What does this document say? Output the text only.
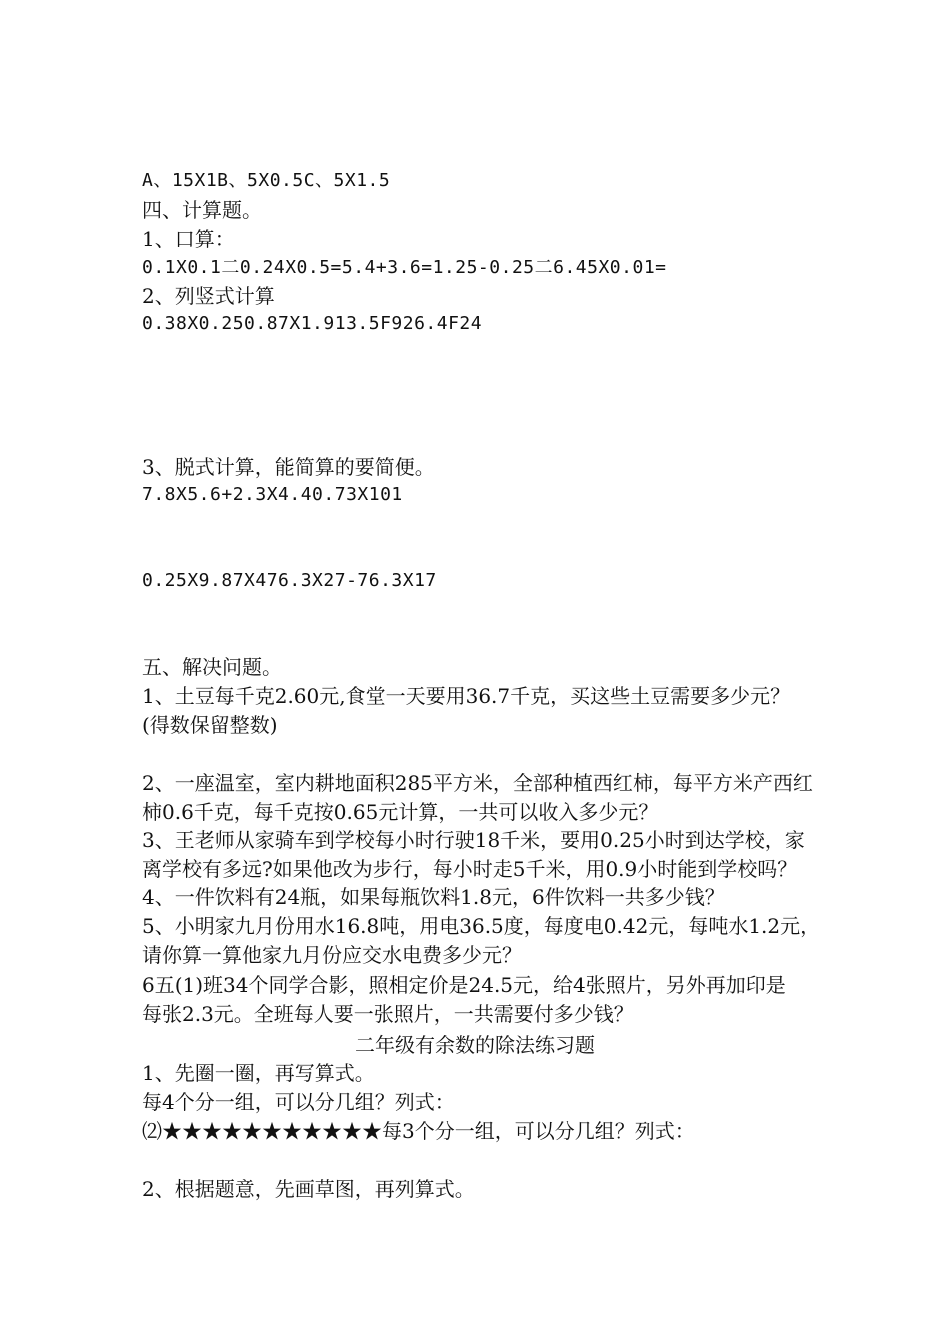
A、15X1B、5X0.5C、5X1.5
四、计算题。
1、口算：
0.1X0.1二0.24X0.5=5.4+3.6=1.25-0.25二6.45X0.01=
2、列竖式计算
0.38X0.250.87X1.913.5F926.4F24
3、脱式计算，能简算的要简便。
7.8X5.6+2.3X4.40.73X101
0.25X9.87X476.3X27-76.3X17
五、解决问题。
1、土豆每千克2.60元,食堂一天要用36.7千克，买这些土豆需要多少元？
(得数保留整数)
2、一座温室，室内耕地面积285平方米，全部种植西红柿，每平方米产西红
柿0.6千克，每千克按0.65元计算，一共可以收入多少元？
3、王老师从家骑车到学校每小时行驶18千米，要用0.25小时到达学校，家
离学校有多远?如果他改为步行，每小时走5千米，用0.9小时能到学校吗？
4、一件饮料有24瓶，如果每瓶饮料1.8元，6件饮料一共多少钱？
5、小明家九月份用水16.8吨，用电36.5度，每度电0.42元，每吨水1.2元，
请你算一算他家九月份应交水电费多少元？
6五(1)班34个同学合影，照相定价是24.5元，给4张照片，另外再加印是
每张2.3元。全班每人要一张照片，一共需要付多少钱？
二年级有余数的除法练习题
1、先圈一圈，再写算式。
每4个分一组，可以分几组？列式：
⑵★★★★★★★★★★★每3个分一组，可以分几组？列式：
2、根据题意，先画草图，再列算式。
